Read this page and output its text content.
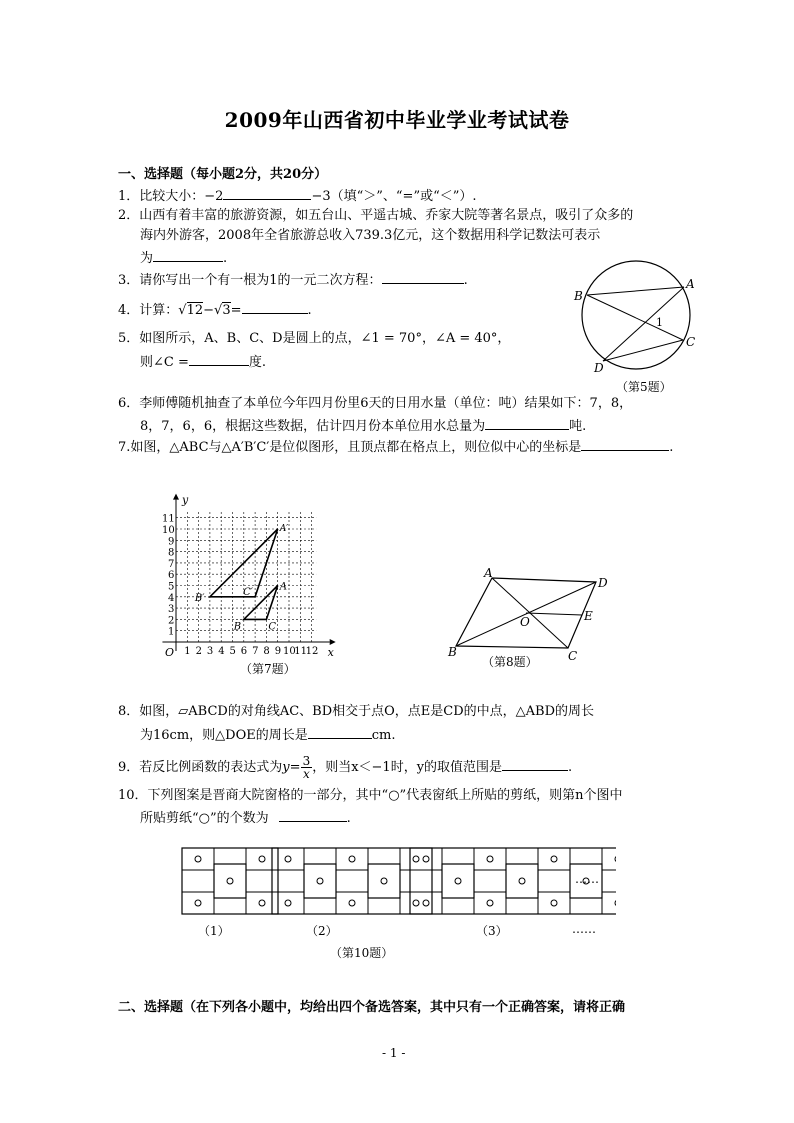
2009年山西省初中毕业学业考试试卷
一、选择题（每小题2分，共20分）
1．比较大小：−2	−3（填“＞”、“=”或“＜”）.
2．山西有着丰富的旅游资源，如五台山、平遥古城、乔家大院等著名景点，吸引了众多的
海内外游客，2008年全省旅游总收入739.3亿元，这个数据用科学记数法可表示
为	.
3．请你写出一个有一根为1的一元二次方程：	.
4．计算：√12−√3=	.
5．如图所示，A、B、C、D是圆上的点，∠1 = 70°，∠A = 40°，
则∠C =	度.
A
B
C
D
1
（第5题）
6．李师傅随机抽查了本单位今年四月份里6天的日用水量（单位：吨）结果如下：7，8，
8，7，6，6，根据这些数据，估计四月份本单位用水总量为	吨.
7.如图，△ABC与△A′B′C′是位似图形，且顶点都在格点上，则位似中心的坐标是	.
1 2 3 4 5 6 7 8 9 10
11
12
1
2
3
4
5
6
7
8
9
10
11
x
y
O
A
B	C
A′
B′
C′
（第7题）
A
D
C
B
E
O
（第8题）
8．如图，▱ABCD的对角线AC、BD相交于点O，点E是CD的中点，△ABD的周长
为16cm，则△DOE的周长是	cm.
9．若反比例函数的表达式为$y= \frac{3}{x}$ ，则当x＜−1时，y的取值范围是	.
10．下列图案是晋商大院窗格的一部分，其中“○”代表窗纸上所贴的剪纸，则第n个图中
所贴剪纸“○”的个数为	.
……
（1）	（2）	（3）	……
（第10题）
二、选择题（在下列各小题中，均给出四个备选答案，其中只有一个正确答案，请将正确
- 1 -
